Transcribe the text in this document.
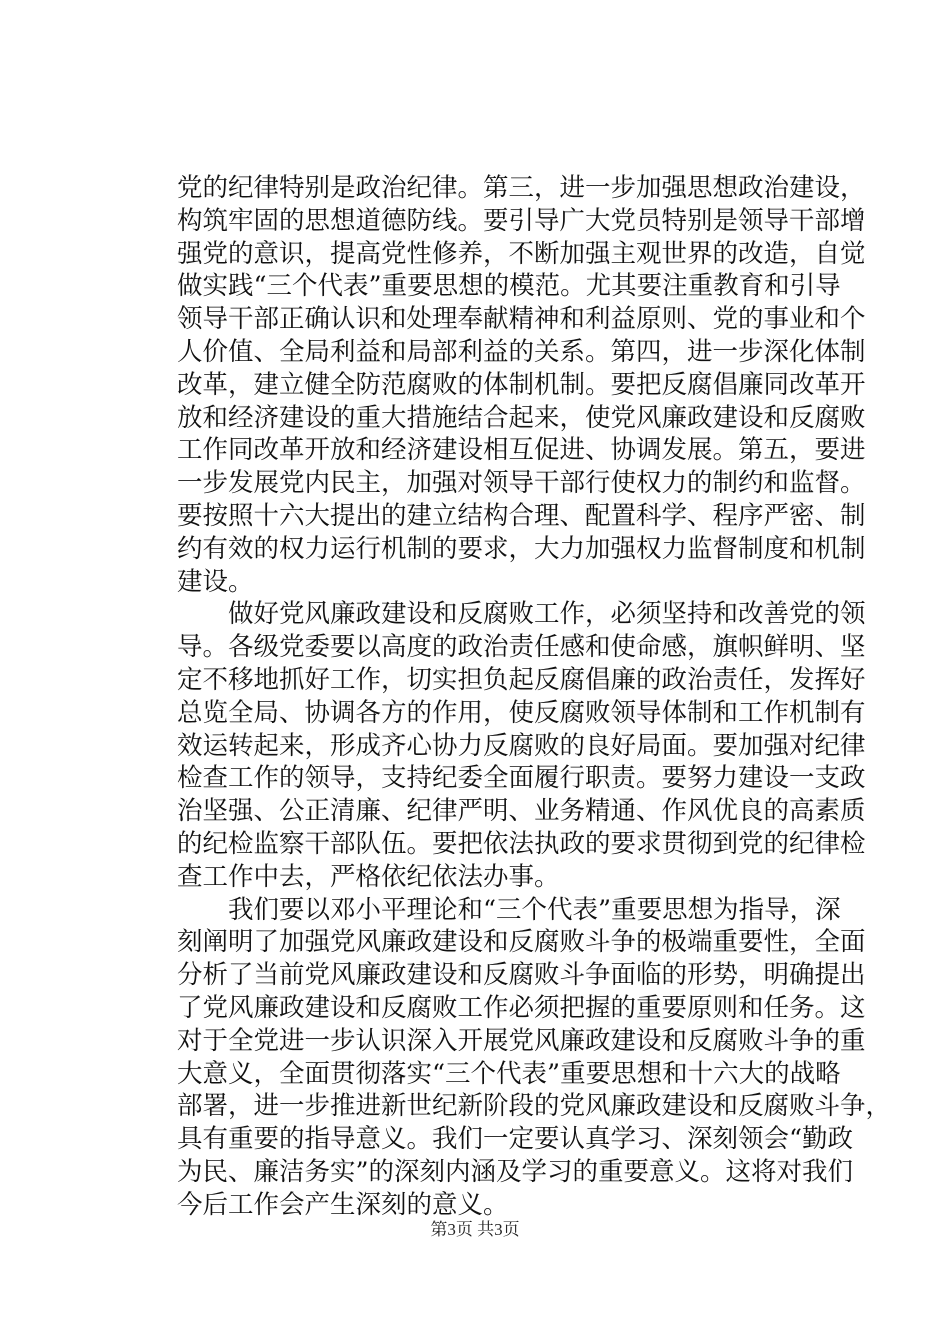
党的纪律特别是政治纪律。第三，进一步加强思想政治建设，
构筑牢固的思想道德防线。要引导广大党员特别是领导干部增
强党的意识，提高党性修养，不断加强主观世界的改造，自觉
做实践“三个代表”重要思想的模范。尤其要注重教育和引导
领导干部正确认识和处理奉献精神和利益原则、党的事业和个
人价值、全局利益和局部利益的关系。第四，进一步深化体制
改革，建立健全防范腐败的体制机制。要把反腐倡廉同改革开
放和经济建设的重大措施结合起来，使党风廉政建设和反腐败
工作同改革开放和经济建设相互促进、协调发展。第五，要进
一步发展党内民主，加强对领导干部行使权力的制约和监督。
要按照十六大提出的建立结构合理、配置科学、程序严密、制
约有效的权力运行机制的要求，大力加强权力监督制度和机制
建设。
　　做好党风廉政建设和反腐败工作，必须坚持和改善党的领
导。各级党委要以高度的政治责任感和使命感，旗帜鲜明、坚
定不移地抓好工作，切实担负起反腐倡廉的政治责任，发挥好
总览全局、协调各方的作用，使反腐败领导体制和工作机制有
效运转起来，形成齐心协力反腐败的良好局面。要加强对纪律
检查工作的领导，支持纪委全面履行职责。要努力建设一支政
治坚强、公正清廉、纪律严明、业务精通、作风优良的高素质
的纪检监察干部队伍。要把依法执政的要求贯彻到党的纪律检
查工作中去，严格依纪依法办事。
　　我们要以邓小平理论和“三个代表”重要思想为指导，深
刻阐明了加强党风廉政建设和反腐败斗争的极端重要性，全面
分析了当前党风廉政建设和反腐败斗争面临的形势，明确提出
了党风廉政建设和反腐败工作必须把握的重要原则和任务。这
对于全党进一步认识深入开展党风廉政建设和反腐败斗争的重
大意义，全面贯彻落实“三个代表”重要思想和十六大的战略
部署，进一步推进新世纪新阶段的党风廉政建设和反腐败斗争，
具有重要的指导意义。我们一定要认真学习、深刻领会“勤政
为民、廉洁务实”的深刻内涵及学习的重要意义。这将对我们
今后工作会产生深刻的意义。
第3页 共3页
